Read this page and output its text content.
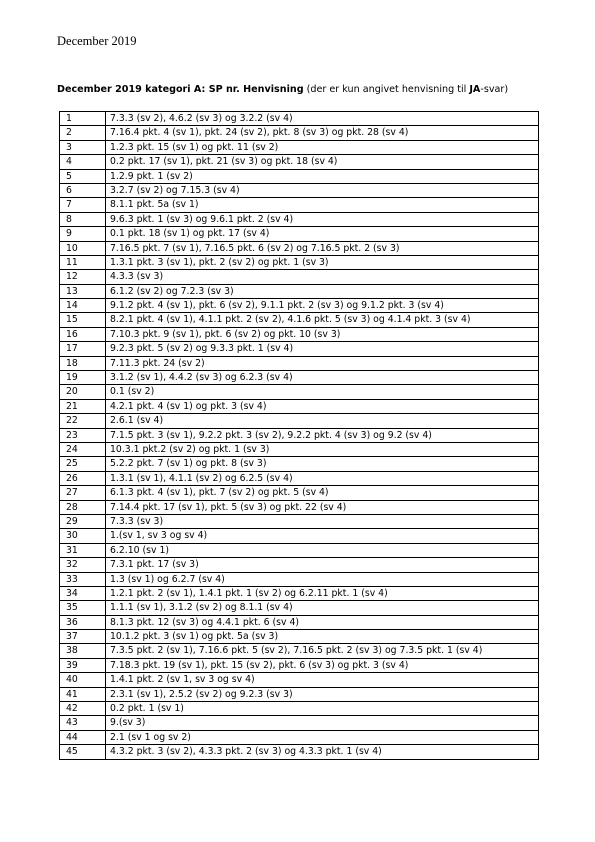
December 2019
December 2019 kategori A: SP nr. Henvisning (der er kun angivet henvisning til JA-svar)
1	7.3.3 (sv 2), 4.6.2 (sv 3) og 3.2.2 (sv 4)
2	7.16.4 pkt. 4 (sv 1), pkt. 24 (sv 2), pkt. 8 (sv 3) og pkt. 28 (sv 4)
3	1.2.3 pkt. 15 (sv 1) og pkt. 11 (sv 2)
4	0.2 pkt. 17 (sv 1), pkt. 21 (sv 3) og pkt. 18 (sv 4)
5	1.2.9 pkt. 1 (sv 2)
6	3.2.7 (sv 2) og 7.15.3 (sv 4)
7	8.1.1 pkt. 5a (sv 1)
8	9.6.3 pkt. 1 (sv 3) og 9.6.1 pkt. 2 (sv 4)
9	0.1 pkt. 18 (sv 1) og pkt. 17 (sv 4)
10	7.16.5 pkt. 7 (sv 1), 7.16.5 pkt. 6 (sv 2) og 7.16.5 pkt. 2 (sv 3)
11	1.3.1 pkt. 3 (sv 1), pkt. 2 (sv 2) og pkt. 1 (sv 3)
12	4.3.3 (sv 3)
13	6.1.2 (sv 2) og 7.2.3 (sv 3)
14	9.1.2 pkt. 4 (sv 1), pkt. 6 (sv 2), 9.1.1 pkt. 2 (sv 3) og 9.1.2 pkt. 3 (sv 4)
15	8.2.1 pkt. 4 (sv 1), 4.1.1 pkt. 2 (sv 2), 4.1.6 pkt. 5 (sv 3) og 4.1.4 pkt. 3 (sv 4)
16	7.10.3 pkt. 9 (sv 1), pkt. 6 (sv 2) og pkt. 10 (sv 3)
17	9.2.3 pkt. 5 (sv 2) og 9.3.3 pkt. 1 (sv 4)
18	7.11.3 pkt. 24 (sv 2)
19	3.1.2 (sv 1), 4.4.2 (sv 3) og 6.2.3 (sv 4)
20	0.1 (sv 2)
21	4.2.1 pkt. 4 (sv 1) og pkt. 3 (sv 4)
22	2.6.1 (sv 4)
23	7.1.5 pkt. 3 (sv 1), 9.2.2 pkt. 3 (sv 2), 9.2.2 pkt. 4 (sv 3) og 9.2 (sv 4)
24	10.3.1 pkt.2 (sv 2) og pkt. 1 (sv 3)
25	5.2.2 pkt. 7 (sv 1) og pkt. 8 (sv 3)
26	1.3.1 (sv 1), 4.1.1 (sv 2) og 6.2.5 (sv 4)
27	6.1.3 pkt. 4 (sv 1), pkt. 7 (sv 2) og pkt. 5 (sv 4)
28	7.14.4 pkt. 17 (sv 1), pkt. 5 (sv 3) og pkt. 22 (sv 4)
29	7.3.3 (sv 3)
30	1.(sv 1, sv 3 og sv 4)
31	6.2.10 (sv 1)
32	7.3.1 pkt. 17 (sv 3)
33	1.3 (sv 1) og 6.2.7 (sv 4)
34	1.2.1 pkt. 2 (sv 1), 1.4.1 pkt. 1 (sv 2) og 6.2.11 pkt. 1 (sv 4)
35	1.1.1 (sv 1), 3.1.2 (sv 2) og 8.1.1 (sv 4)
36	8.1.3 pkt. 12 (sv 3) og 4.4.1 pkt. 6 (sv 4)
37	10.1.2 pkt. 3 (sv 1) og pkt. 5a (sv 3)
38	7.3.5 pkt. 2 (sv 1), 7.16.6 pkt. 5 (sv 2), 7.16.5 pkt. 2 (sv 3) og 7.3.5 pkt. 1 (sv 4)
39	7.18.3 pkt. 19 (sv 1), pkt. 15 (sv 2), pkt. 6 (sv 3) og pkt. 3 (sv 4)
40	1.4.1 pkt. 2 (sv 1, sv 3 og sv 4)
41	2.3.1 (sv 1), 2.5.2 (sv 2) og 9.2.3 (sv 3)
42	0.2 pkt. 1 (sv 1)
43	9.(sv 3)
44	2.1 (sv 1 og sv 2)
45	4.3.2 pkt. 3 (sv 2), 4.3.3 pkt. 2 (sv 3) og 4.3.3 pkt. 1 (sv 4)
